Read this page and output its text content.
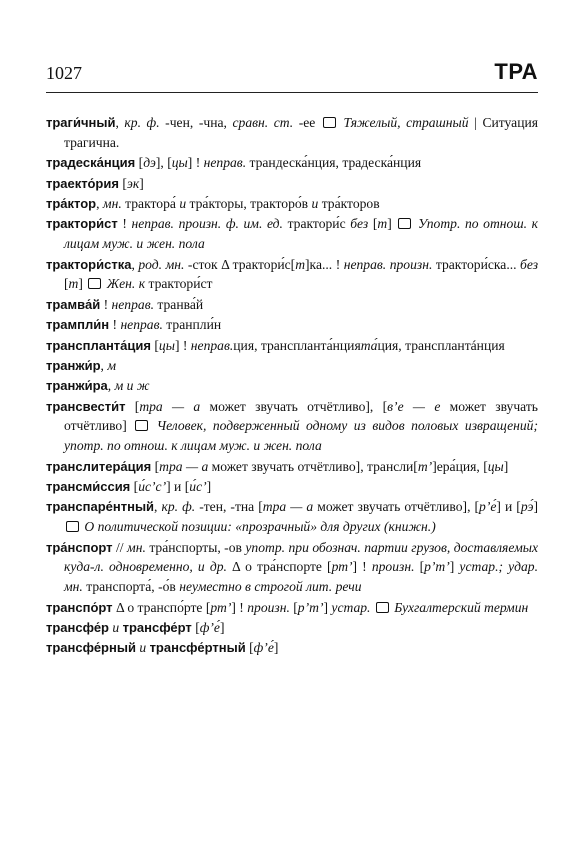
1027	ТРА

траги́чный, кр. ф. -чен, -чна, сравн. ст. -ее  Тяжелый, страшный | Ситуация трагична.

традеска́нция [дэ], [цы] ! неправ. трандеска́нция, традеска́нция

траекто́рия [эк]

тра́ктор, мн. трактора́ и тра́кторы, тракторо́в и тра́кторов

трактори́ст ! неправ. произн. ф. им. ед. трактори́с без [т]  Употр. по отнош. к лицам муж. и жен. пола

трактори́стка, род. мн. -сток Δ трактори́с[т]ка... ! неправ. произн. трактори́ска... без [т]  Жен. к трактори́ст

трамва́й ! неправ. транва́й

трампли́н ! неправ. транпли́н

транспланта́ция [цы] ! неправ.ция, транспланта́нцията́ция, трансплантáнция

транжи́р, м

транжи́ра, м и ж

трансвести́т [тра — а может звучать отчётливо], [вʼе — е может звучать отчётливо]  Человек, подверженный одному из видов половых извращений; употр. по отнош. к лицам муж. и жен. пола

транслитера́ция [тра — а может звучать отчётливо], трансли[тʼ]ера́ция, [цы]

трансми́ссия [и́сʼсʼ] и [и́сʼ]

транспаре́нтный, кр. ф. -тен, -тна [тра — а может звучать отчётливо], [рʼе́] и [рэ́]  О политической позиции: «прозрачный» для других (книжн.)

тра́нспорт // мн. тра́нспорты, -ов употр. при обознач. партии грузов, доставляемых куда-л. одновременно, и др. Δ о тра́нспорте [ртʼ] ! произн. [рʼтʼ] устар.; удар. мн. транспорта́, -о́в неуместно в строгой лит. речи

транспо́рт Δ о транспо́рте [ртʼ] ! произн. [рʼтʼ] устар.  Бухгалтерский термин

трансфе́р и трансфе́рт [фʼе́]

трансфе́рный и трансфе́ртный [фʼе́]
